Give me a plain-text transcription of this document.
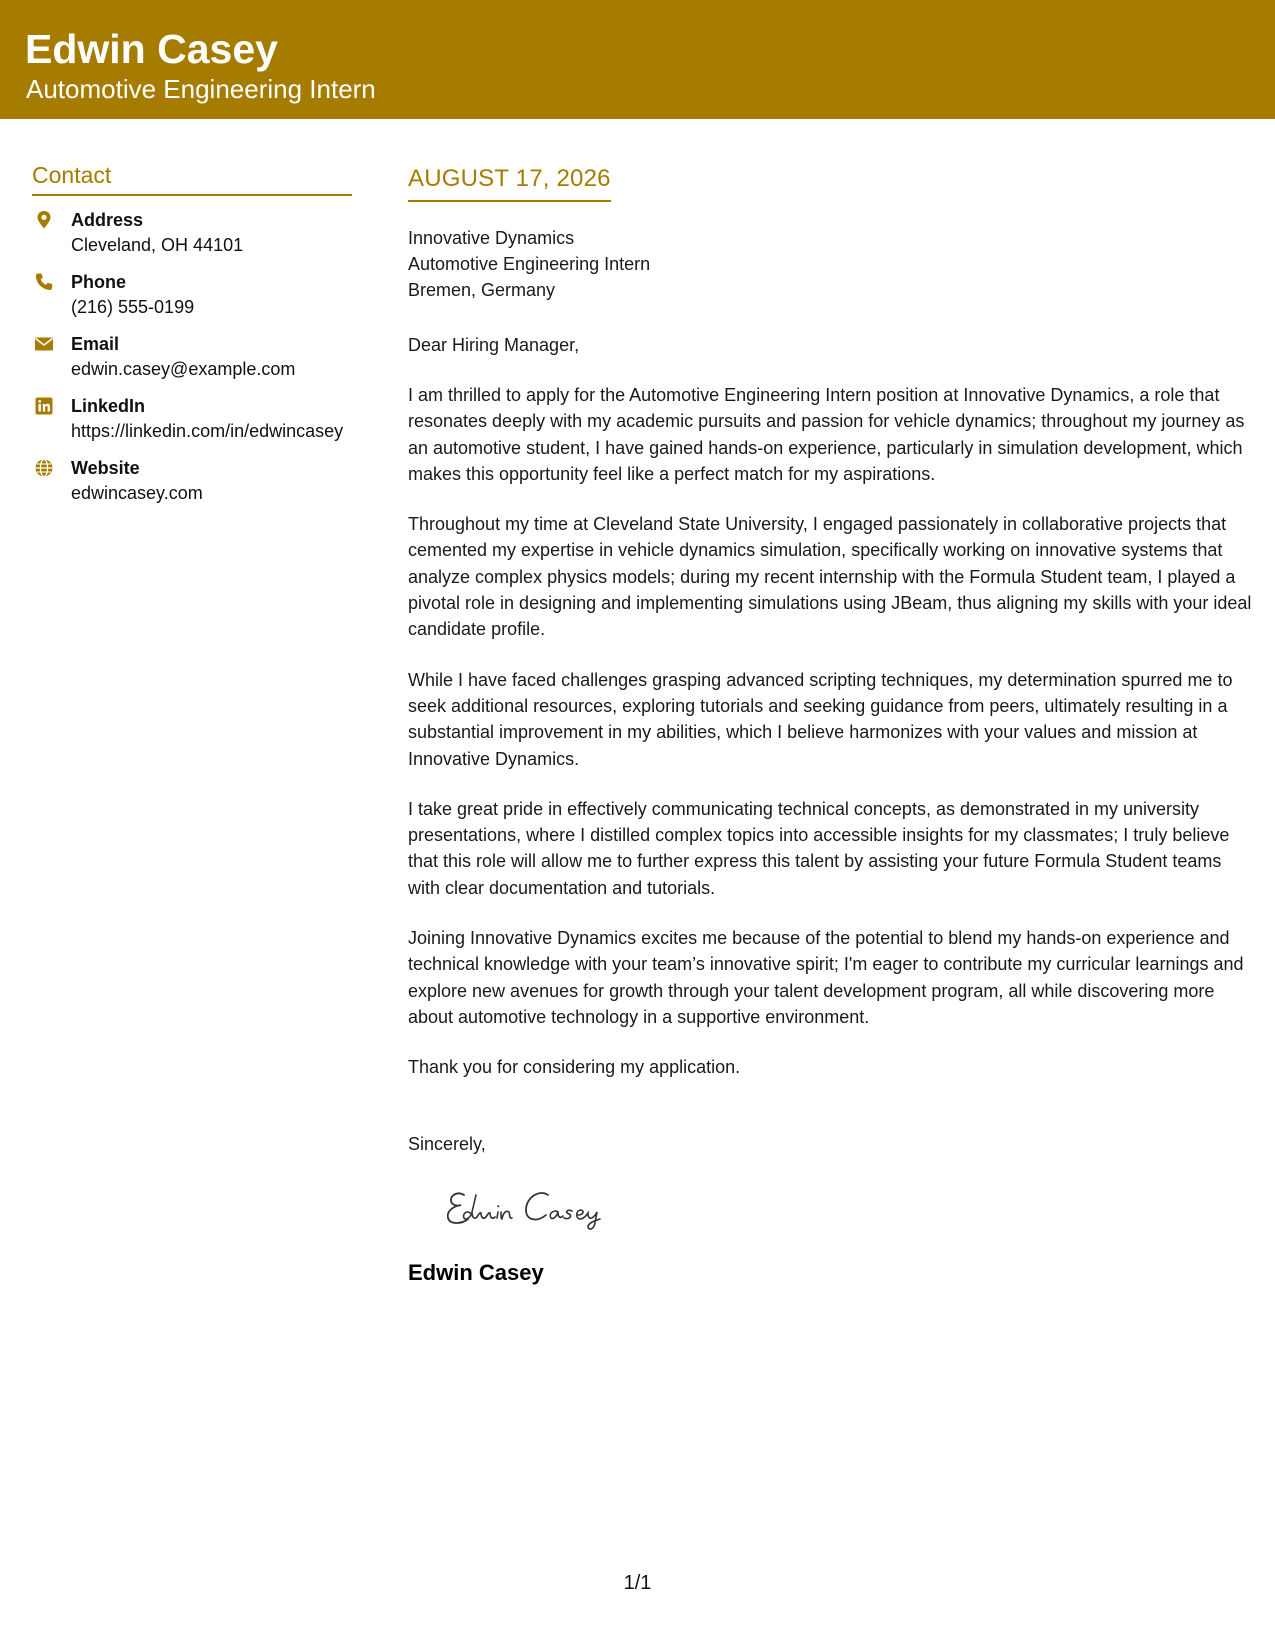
Edwin Casey
Automotive Engineering Intern
Contact
Address
Cleveland, OH 44101
Phone
(216) 555-0199
Email
edwin.casey@example.com
LinkedIn
https://linkedin.com/in/edwincasey
Website
edwincasey.com
AUGUST 17, 2026
Innovative Dynamics
Automotive Engineering Intern
Bremen, Germany
Dear Hiring Manager,
I am thrilled to apply for the Automotive Engineering Intern position at Innovative Dynamics, a role that resonates deeply with my academic pursuits and passion for vehicle dynamics; throughout my journey as an automotive student, I have gained hands-on experience, particularly in simulation development, which makes this opportunity feel like a perfect match for my aspirations.
Throughout my time at Cleveland State University, I engaged passionately in collaborative projects that cemented my expertise in vehicle dynamics simulation, specifically working on innovative systems that analyze complex physics models; during my recent internship with the Formula Student team, I played a pivotal role in designing and implementing simulations using JBeam, thus aligning my skills with your ideal candidate profile.
While I have faced challenges grasping advanced scripting techniques, my determination spurred me to seek additional resources, exploring tutorials and seeking guidance from peers, ultimately resulting in a substantial improvement in my abilities, which I believe harmonizes with your values and mission at Innovative Dynamics.
I take great pride in effectively communicating technical concepts, as demonstrated in my university presentations, where I distilled complex topics into accessible insights for my classmates; I truly believe that this role will allow me to further express this talent by assisting your future Formula Student teams with clear documentation and tutorials.
Joining Innovative Dynamics excites me because of the potential to blend my hands-on experience and technical knowledge with your team’s innovative spirit; I'm eager to contribute my curricular learnings and explore new avenues for growth through your talent development program, all while discovering more about automotive technology in a supportive environment.
Thank you for considering my application.
Sincerely,
Edwin Casey
1/1
